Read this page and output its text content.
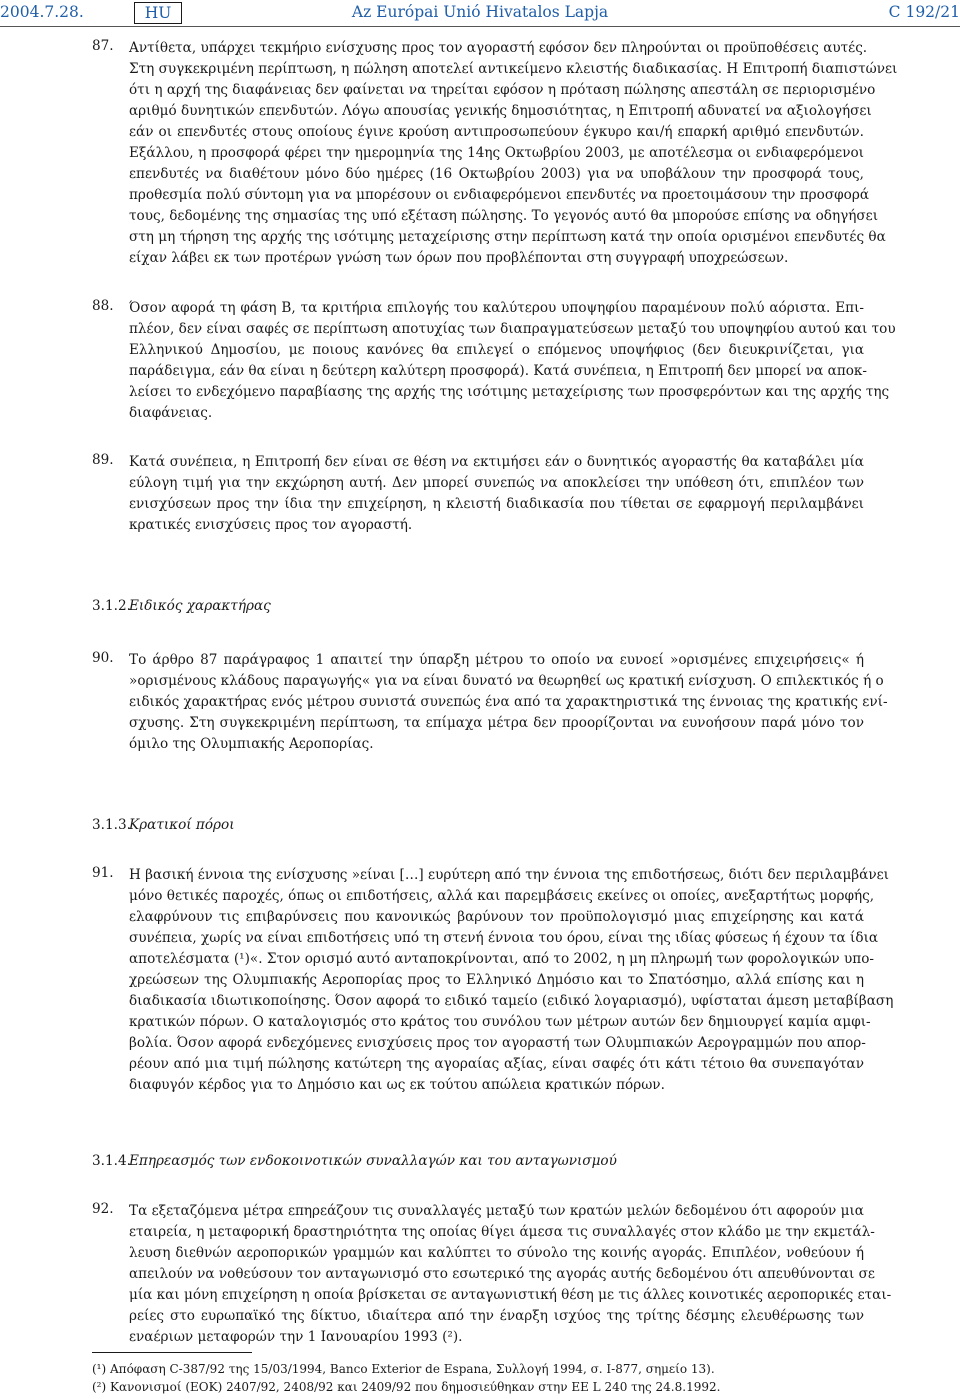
2004.7.28.	HU	Az Európai Unió Hivatalos Lapja	C 192/21
87.	Αντίθετα, υπάρχει τεκμήριο ενίσχυσης προς τον αγοραστή εφόσον δεν πληρούνται οι προϋποθέσεις αυτές.
Στη συγκεκριμένη περίπτωση, η πώληση αποτελεί αντικείμενο κλειστής διαδικασίας. Η Επιτροπή διαπιστώνει
ότι η αρχή της διαφάνειας δεν φαίνεται να τηρείται εφόσον η πρόταση πώλησης απεστάλη σε περιορισμένο
αριθμό δυνητικών επενδυτών. Λόγω απουσίας γενικής δημοσιότητας, η Επιτροπή αδυνατεί να αξιολογήσει
εάν οι επενδυτές στους οποίους έγινε κρούση αντιπροσωπεύουν έγκυρο και/ή επαρκή αριθμό επενδυτών.
Εξάλλου, η προσφορά φέρει την ημερομηνία της 14ης Οκτωβρίου 2003, με αποτέλεσμα οι ενδιαφερόμενοι
επενδυτές να διαθέτουν μόνο δύο ημέρες (16 Οκτωβρίου 2003) για να υποβάλουν την προσφορά τους,
προθεσμία πολύ σύντομη για να μπορέσουν οι ενδιαφερόμενοι επενδυτές να προετοιμάσουν την προσφορά
τους, δεδομένης της σημασίας της υπό εξέταση πώλησης. Το γεγονός αυτό θα μπορούσε επίσης να οδηγήσει
στη μη τήρηση της αρχής της ισότιμης μεταχείρισης στην περίπτωση κατά την οποία ορισμένοι επενδυτές θα
είχαν λάβει εκ των προτέρων γνώση των όρων που προβλέπονται στη συγγραφή υποχρεώσεων.
88.	Όσον αφορά τη φάση Β, τα κριτήρια επιλογής του καλύτερου υποψηφίου παραμένουν πολύ αόριστα. Επι-
πλέον, δεν είναι σαφές σε περίπτωση αποτυχίας των διαπραγματεύσεων μεταξύ του υποψηφίου αυτού και του
Ελληνικού Δημοσίου, με ποιους κανόνες θα επιλεγεί ο επόμενος υποψήφιος (δεν διευκρινίζεται, για
παράδειγμα, εάν θα είναι η δεύτερη καλύτερη προσφορά). Κατά συνέπεια, η Επιτροπή δεν μπορεί να αποκ-
λείσει το ενδεχόμενο παραβίασης της αρχής της ισότιμης μεταχείρισης των προσφερόντων και της αρχής της
διαφάνειας.
89.	Κατά συνέπεια, η Επιτροπή δεν είναι σε θέση να εκτιμήσει εάν ο δυνητικός αγοραστής θα καταβάλει μία
εύλογη τιμή για την εκχώρηση αυτή. Δεν μπορεί συνεπώς να αποκλείσει την υπόθεση ότι, επιπλέον των
ενισχύσεων προς την ίδια την επιχείρηση, η κλειστή διαδικασία που τίθεται σε εφαρμογή περιλαμβάνει
κρατικές ενισχύσεις προς τον αγοραστή.
3.1.2.Ειδικός χαρακτήρας
90.	Το άρθρο 87 παράγραφος 1 απαιτεί την ύπαρξη μέτρου το οποίο να ευνοεί »ορισμένες επιχειρήσεις« ή
»ορισμένους κλάδους παραγωγής« για να είναι δυνατό να θεωρηθεί ως κρατική ενίσχυση. Ο επιλεκτικός ή ο
ειδικός χαρακτήρας ενός μέτρου συνιστά συνεπώς ένα από τα χαρακτηριστικά της έννοιας της κρατικής ενί-
σχυσης. Στη συγκεκριμένη περίπτωση, τα επίμαχα μέτρα δεν προορίζονται να ευνοήσουν παρά μόνο τον
όμιλο της Ολυμπιακής Αεροπορίας.
3.1.3.Κρατικοί πόροι
91.	Η βασική έννοια της ενίσχυσης »είναι […] ευρύτερη από την έννοια της επιδοτήσεως, διότι δεν περιλαμβάνει
μόνο θετικές παροχές, όπως οι επιδοτήσεις, αλλά και παρεμβάσεις εκείνες οι οποίες, ανεξαρτήτως μορφής,
ελαφρύνουν τις επιβαρύνσεις που κανονικώς βαρύνουν τον προϋπολογισμό μιας επιχείρησης και κατά
συνέπεια, χωρίς να είναι επιδοτήσεις υπό τη στενή έννοια του όρου, είναι της ιδίας φύσεως ή έχουν τα ίδια
αποτελέσματα (¹)«. Στον ορισμό αυτό ανταποκρίνονται, από το 2002, η μη πληρωμή των φορολογικών υπο-
χρεώσεων της Ολυμπιακής Αεροπορίας προς το Ελληνικό Δημόσιο και το Σπατόσημο, αλλά επίσης και η
διαδικασία ιδιωτικοποίησης. Όσον αφορά το ειδικό ταμείο (ειδικό λογαριασμό), υφίσταται άμεση μεταβίβαση
κρατικών πόρων. Ο καταλογισμός στο κράτος του συνόλου των μέτρων αυτών δεν δημιουργεί καμία αμφι-
βολία. Όσον αφορά ενδεχόμενες ενισχύσεις προς τον αγοραστή των Ολυμπιακών Αερογραμμών που απορ-
ρέουν από μια τιμή πώλησης κατώτερη της αγοραίας αξίας, είναι σαφές ότι κάτι τέτοιο θα συνεπαγόταν
διαφυγόν κέρδος για το Δημόσιο και ως εκ τούτου απώλεια κρατικών πόρων.
3.1.4.Επηρεασμός των ενδοκοινοτικών συναλλαγών και του ανταγωνισμού
92.	Τα εξεταζόμενα μέτρα επηρεάζουν τις συναλλαγές μεταξύ των κρατών μελών δεδομένου ότι αφορούν μια
εταιρεία, η μεταφορική δραστηριότητα της οποίας θίγει άμεσα τις συναλλαγές στον κλάδο με την εκμετάλ-
λευση διεθνών αεροπορικών γραμμών και καλύπτει το σύνολο της κοινής αγοράς. Επιπλέον, νοθεύουν ή
απειλούν να νοθεύσουν τον ανταγωνισμό στο εσωτερικό της αγοράς αυτής δεδομένου ότι απευθύνονται σε
μία και μόνη επιχείρηση η οποία βρίσκεται σε ανταγωνιστική θέση με τις άλλες κοινοτικές αεροπορικές εται-
ρείες στο ευρωπαϊκό της δίκτυο, ιδιαίτερα από την έναρξη ισχύος της τρίτης δέσμης ελευθέρωσης των
εναέριων μεταφορών την 1 Ιανουαρίου 1993 (²).
(¹) Απόφαση C-387/92 της 15/03/1994, Banco Exterior de Espana, Συλλογή 1994, σ. I-877, σημείο 13).
(²) Κανονισμοί (ΕΟΚ) 2407/92, 2408/92 και 2409/92 που δημοσιεύθηκαν στην ΕΕ L 240 της 24.8.1992.
